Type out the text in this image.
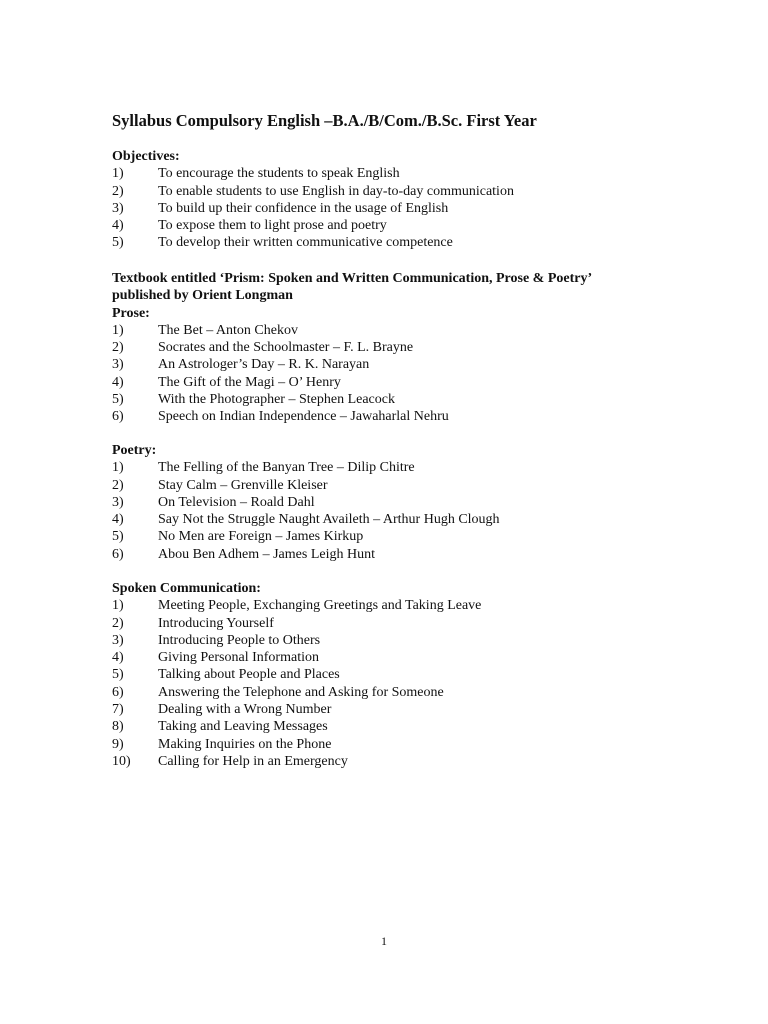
Syllabus Compulsory English –B.A./B/Com./B.Sc. First Year
Objectives:
1)	To encourage the students to speak English
2)	To enable students to use English in day-to-day communication
3)	To build up their confidence in the usage of English
4)	To expose them to light prose and poetry
5)	To develop their written communicative competence
Textbook entitled ‘Prism: Spoken and Written Communication, Prose & Poetry’
published by Orient Longman
Prose:
1)	The Bet – Anton Chekov
2)	Socrates and the Schoolmaster – F. L. Brayne
3)	An Astrologer’s Day – R. K. Narayan
4)	The Gift of the Magi – O’ Henry
5)	With the Photographer – Stephen Leacock
6)	Speech on Indian Independence – Jawaharlal Nehru
Poetry:
1)	The Felling of the Banyan Tree – Dilip Chitre
2)	Stay Calm – Grenville Kleiser
3)	On Television – Roald Dahl
4)	Say Not the Struggle Naught Availeth – Arthur Hugh Clough
5)	No Men are Foreign – James Kirkup
6)	Abou Ben Adhem – James Leigh Hunt
Spoken Communication:
1)	Meeting People, Exchanging Greetings and Taking Leave
2)	Introducing Yourself
3)	Introducing People to Others
4)	Giving Personal Information
5)	Talking about People and Places
6)	Answering the Telephone and Asking for Someone
7)	Dealing with a Wrong Number
8)	Taking and Leaving Messages
9)	Making Inquiries on the Phone
10)	Calling for Help in an Emergency
1
